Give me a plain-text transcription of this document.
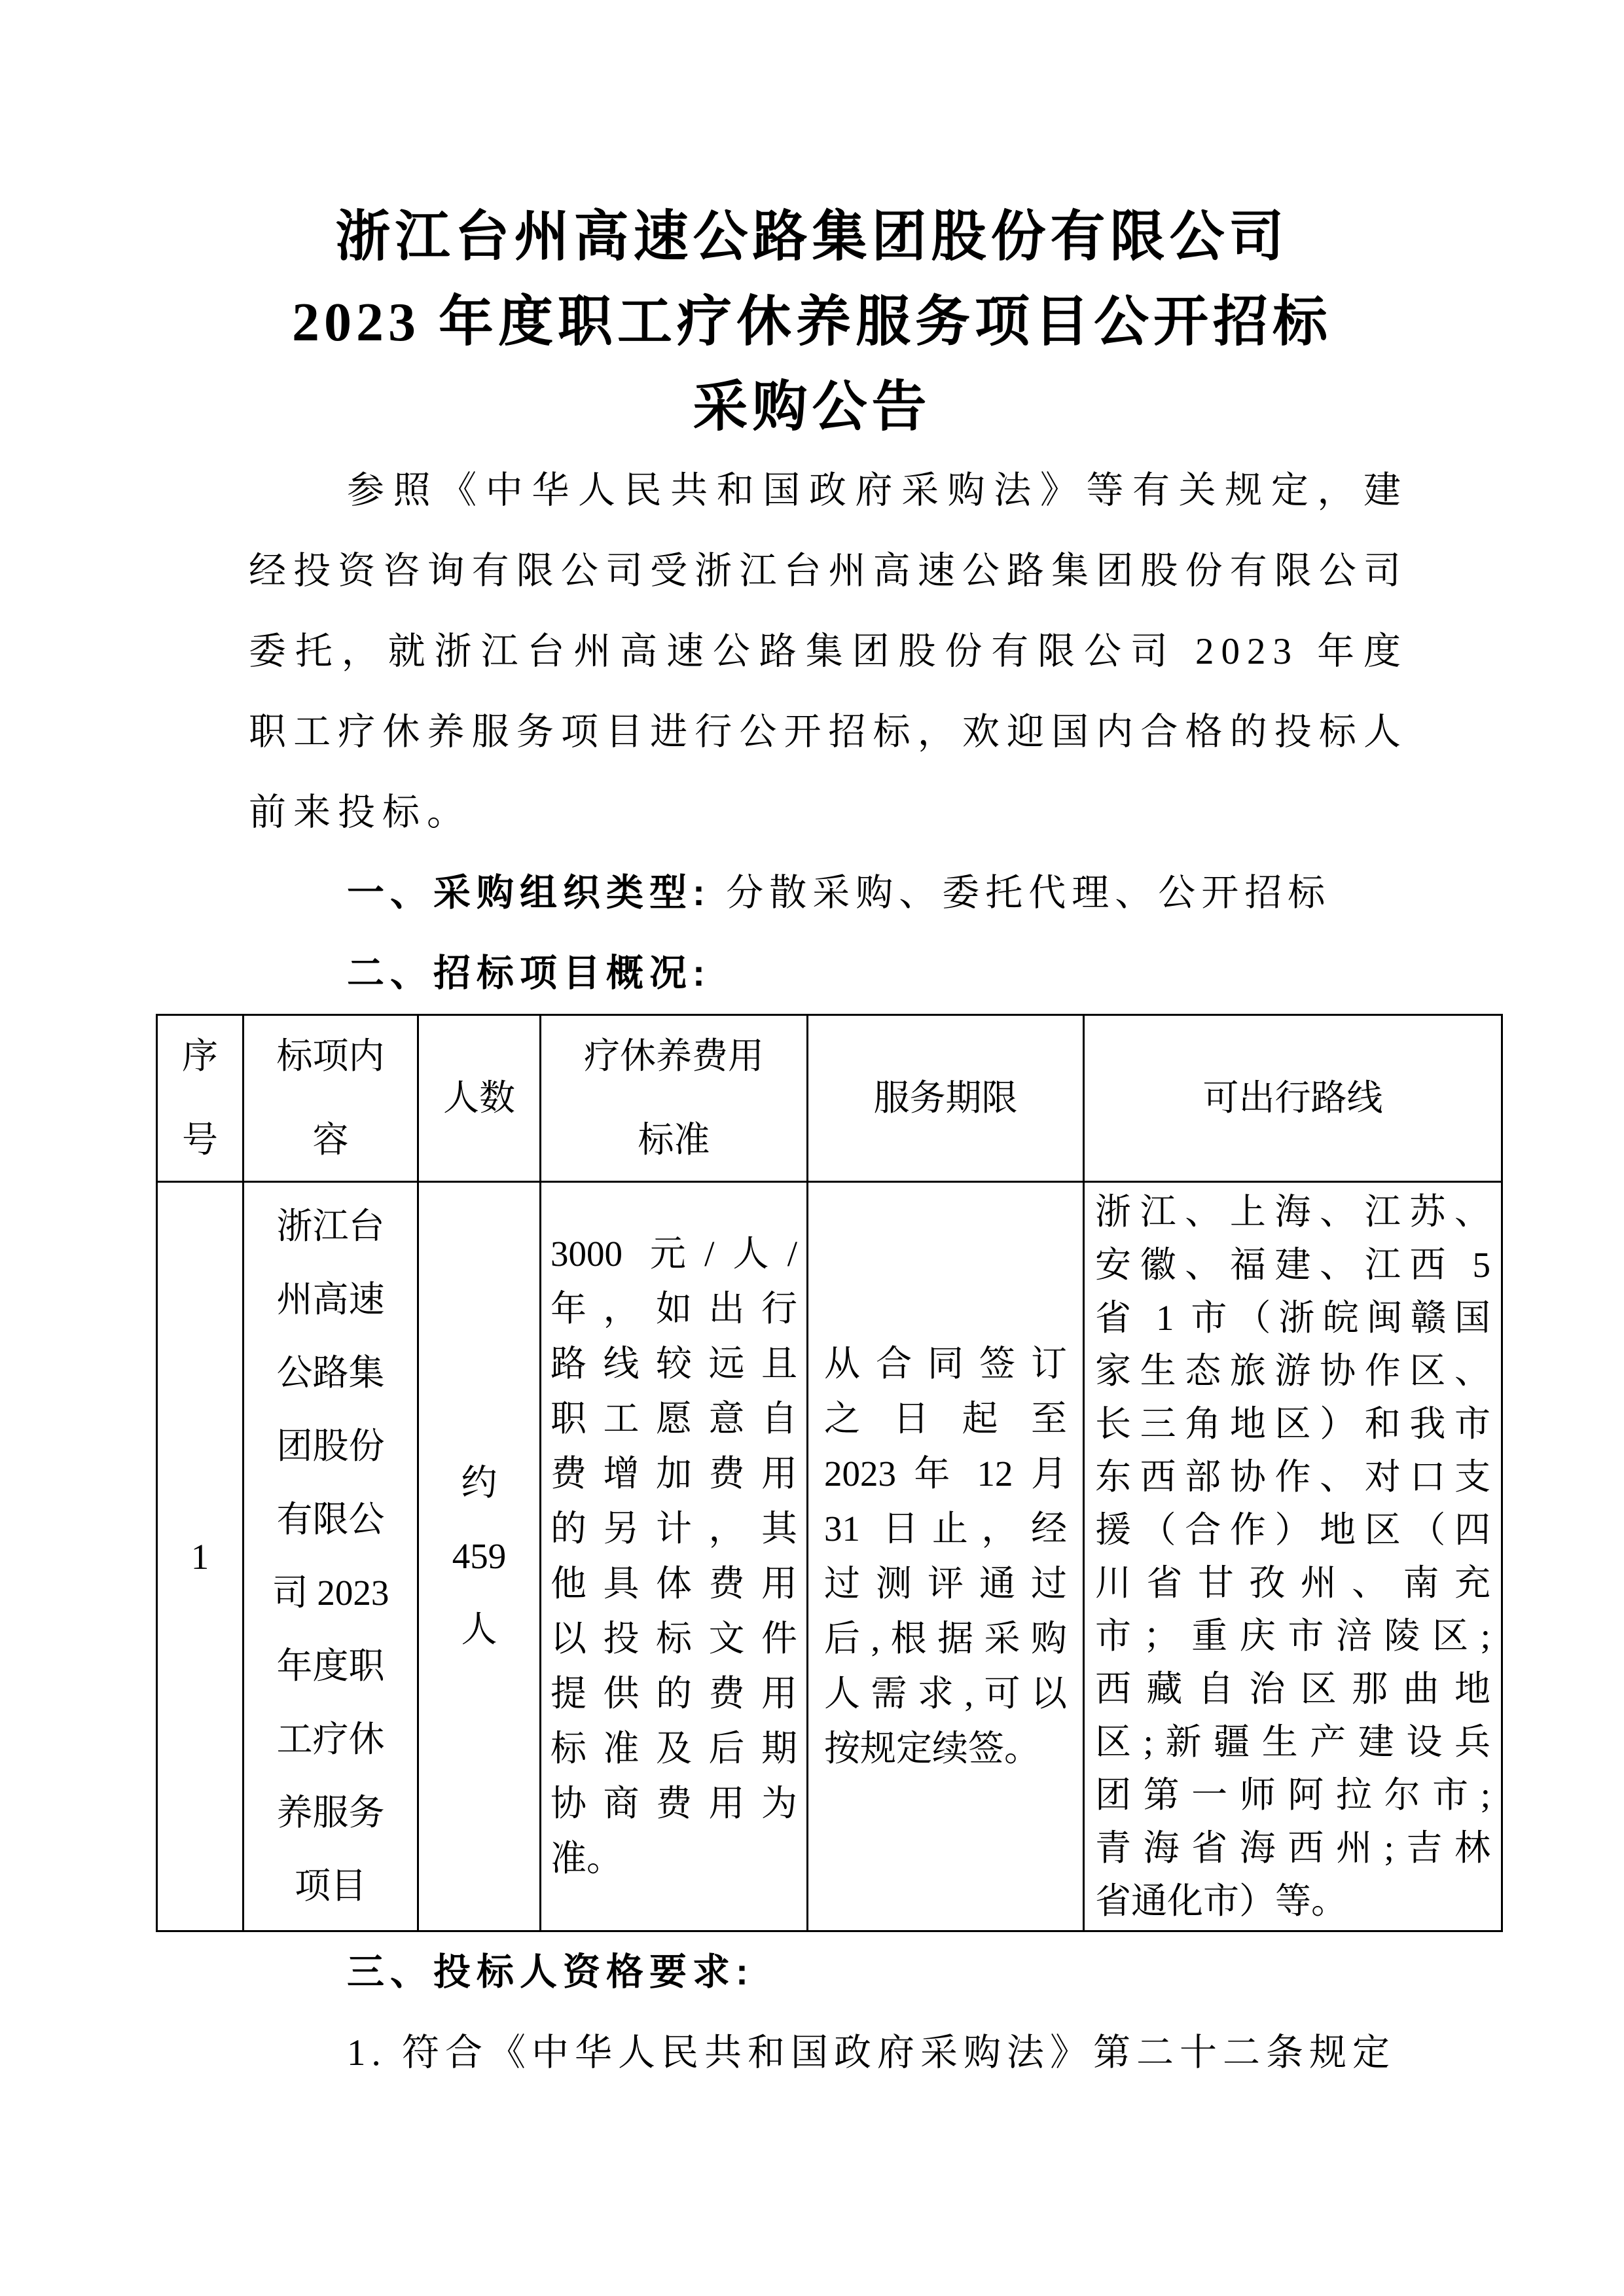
浙江台州高速公路集团股份有限公司
2023 年度职工疗休养服务项目公开招标
采购公告
参照《中华人民共和国政府采购法》等有关规定，建经投资咨询有限公司受浙江台州高速公路集团股份有限公司委托，就浙江台州高速公路集团股份有限公司 2023 年度职工疗休养服务项目进行公开招标，欢迎国内合格的投标人前来投标。
一、采购组织类型: 分散采购、委托代理、公开招标
二、招标项目概况:
序
号
标项内
容
人数
疗休养费用
标准
服务期限	可出行路线
1
浙江台
州高速
公路集
团股份
有限公
司 2023
年度职
工疗休
养服务
项目
约
459
人
3000 元/人/
年，如出行
路线较远且
职工愿意自
费增加费用
的另计，其
他具体费用
以投标文件
提供的费用
标准及后期
协商费用为
准。
从合同签订
之日起至
2023 年 12 月
31 日止，经
过测评通过
后,根据采购
人需求,可以
按规定续签。
浙江、上海、江苏、
安徽、福建、江西 5
省 1 市（浙皖闽赣国
家生态旅游协作区、
长三角地区）和我市
东西部协作、对口支
援（合作）地区（四
川省甘孜州、南充
市；重庆市涪陵区;
西藏自治区那曲地
区;新疆生产建设兵
团第一师阿拉尔市;
青海省海西州;吉林
省通化市）等。
三、投标人资格要求:
1. 符合《中华人民共和国政府采购法》第二十二条规定
